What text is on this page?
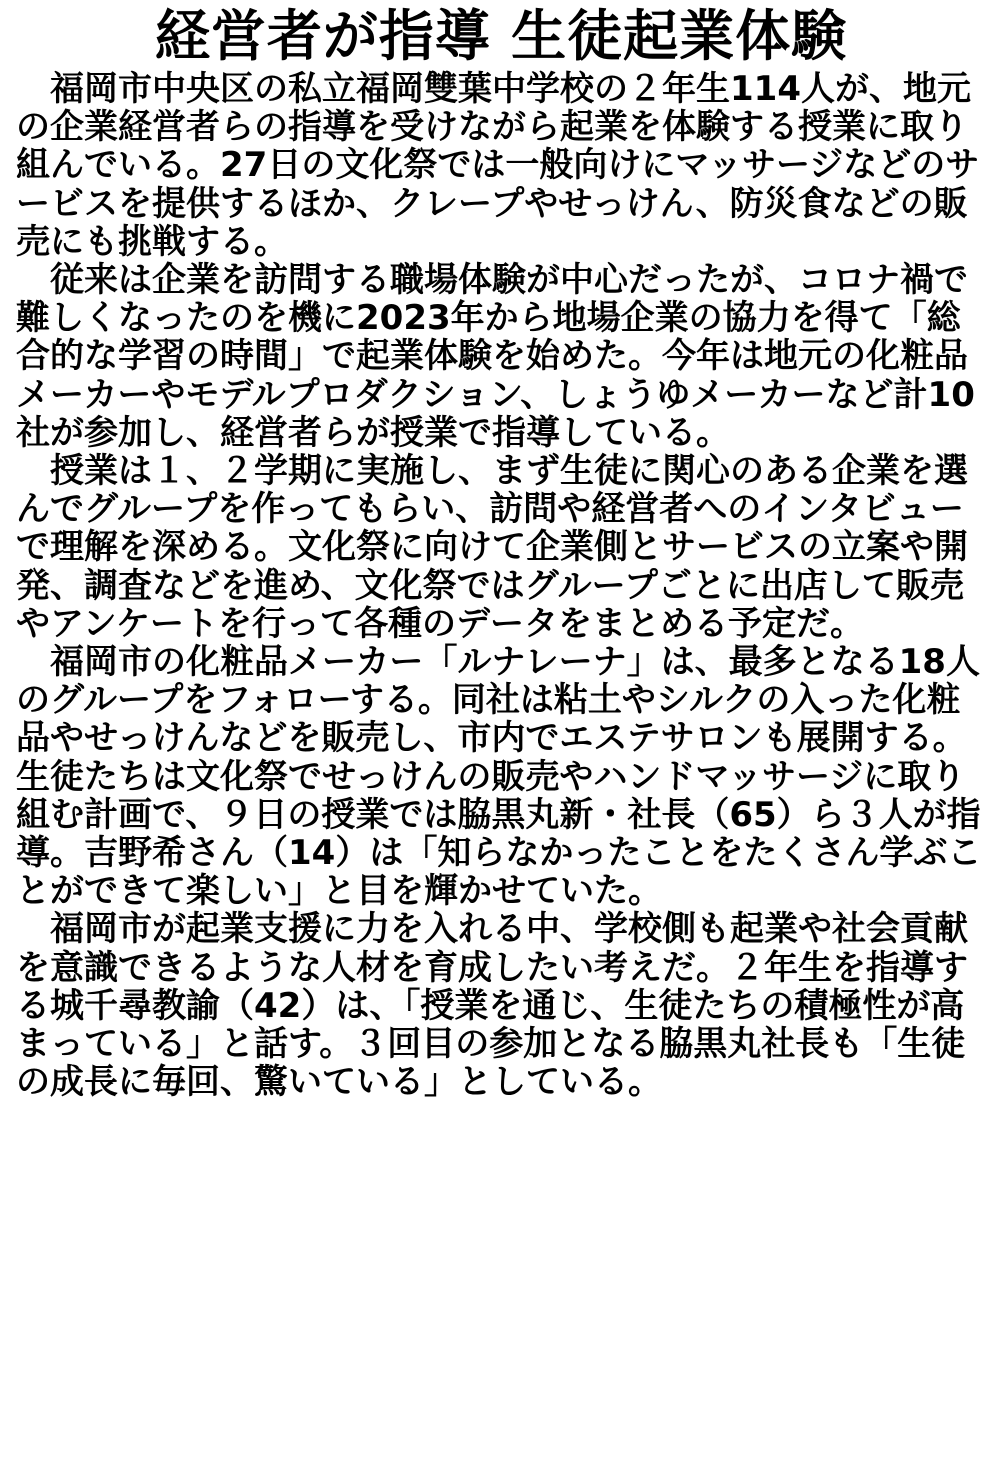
経営者が指導 生徒起業体験

福岡市中央区の私立福岡雙葉中学校の２年生114人が、地元の企業経営者らの指導を受けながら起業を体験する授業に取り組んでいる。27日の文化祭では一般向けにマッサージなどのサービスを提供するほか、クレープやせっけん、防災食などの販売にも挑戦する。

従来は企業を訪問する職場体験が中心だったが、コロナ禍で難しくなったのを機に2023年から地場企業の協力を得て「総合的な学習の時間」で起業体験を始めた。今年は地元の化粧品メーカーやモデルプロダクション、しょうゆメーカーなど計10社が参加し、経営者らが授業で指導している。

授業は１、２学期に実施し、まず生徒に関心のある企業を選んでグループを作ってもらい、訪問や経営者へのインタビューで理解を深める。文化祭に向けて企業側とサービスの立案や開発、調査などを進め、文化祭ではグループごとに出店して販売やアンケートを行って各種のデータをまとめる予定だ。

福岡市の化粧品メーカー「ルナレーナ」は、最多となる18人のグループをフォローする。同社は粘土やシルクの入った化粧品やせっけんなどを販売し、市内でエステサロンも展開する。生徒たちは文化祭でせっけんの販売やハンドマッサージに取り組む計画で、９日の授業では脇黒丸新・社長（65）ら３人が指導。吉野希さん（14）は「知らなかったことをたくさん学ぶことができて楽しい」と目を輝かせていた。

福岡市が起業支援に力を入れる中、学校側も起業や社会貢献を意識できるような人材を育成したい考えだ。２年生を指導する城千尋教諭（42）は、「授業を通じ、生徒たちの積極性が高まっている」と話す。３回目の参加となる脇黒丸社長も「生徒の成長に毎回、驚いている」としている。
